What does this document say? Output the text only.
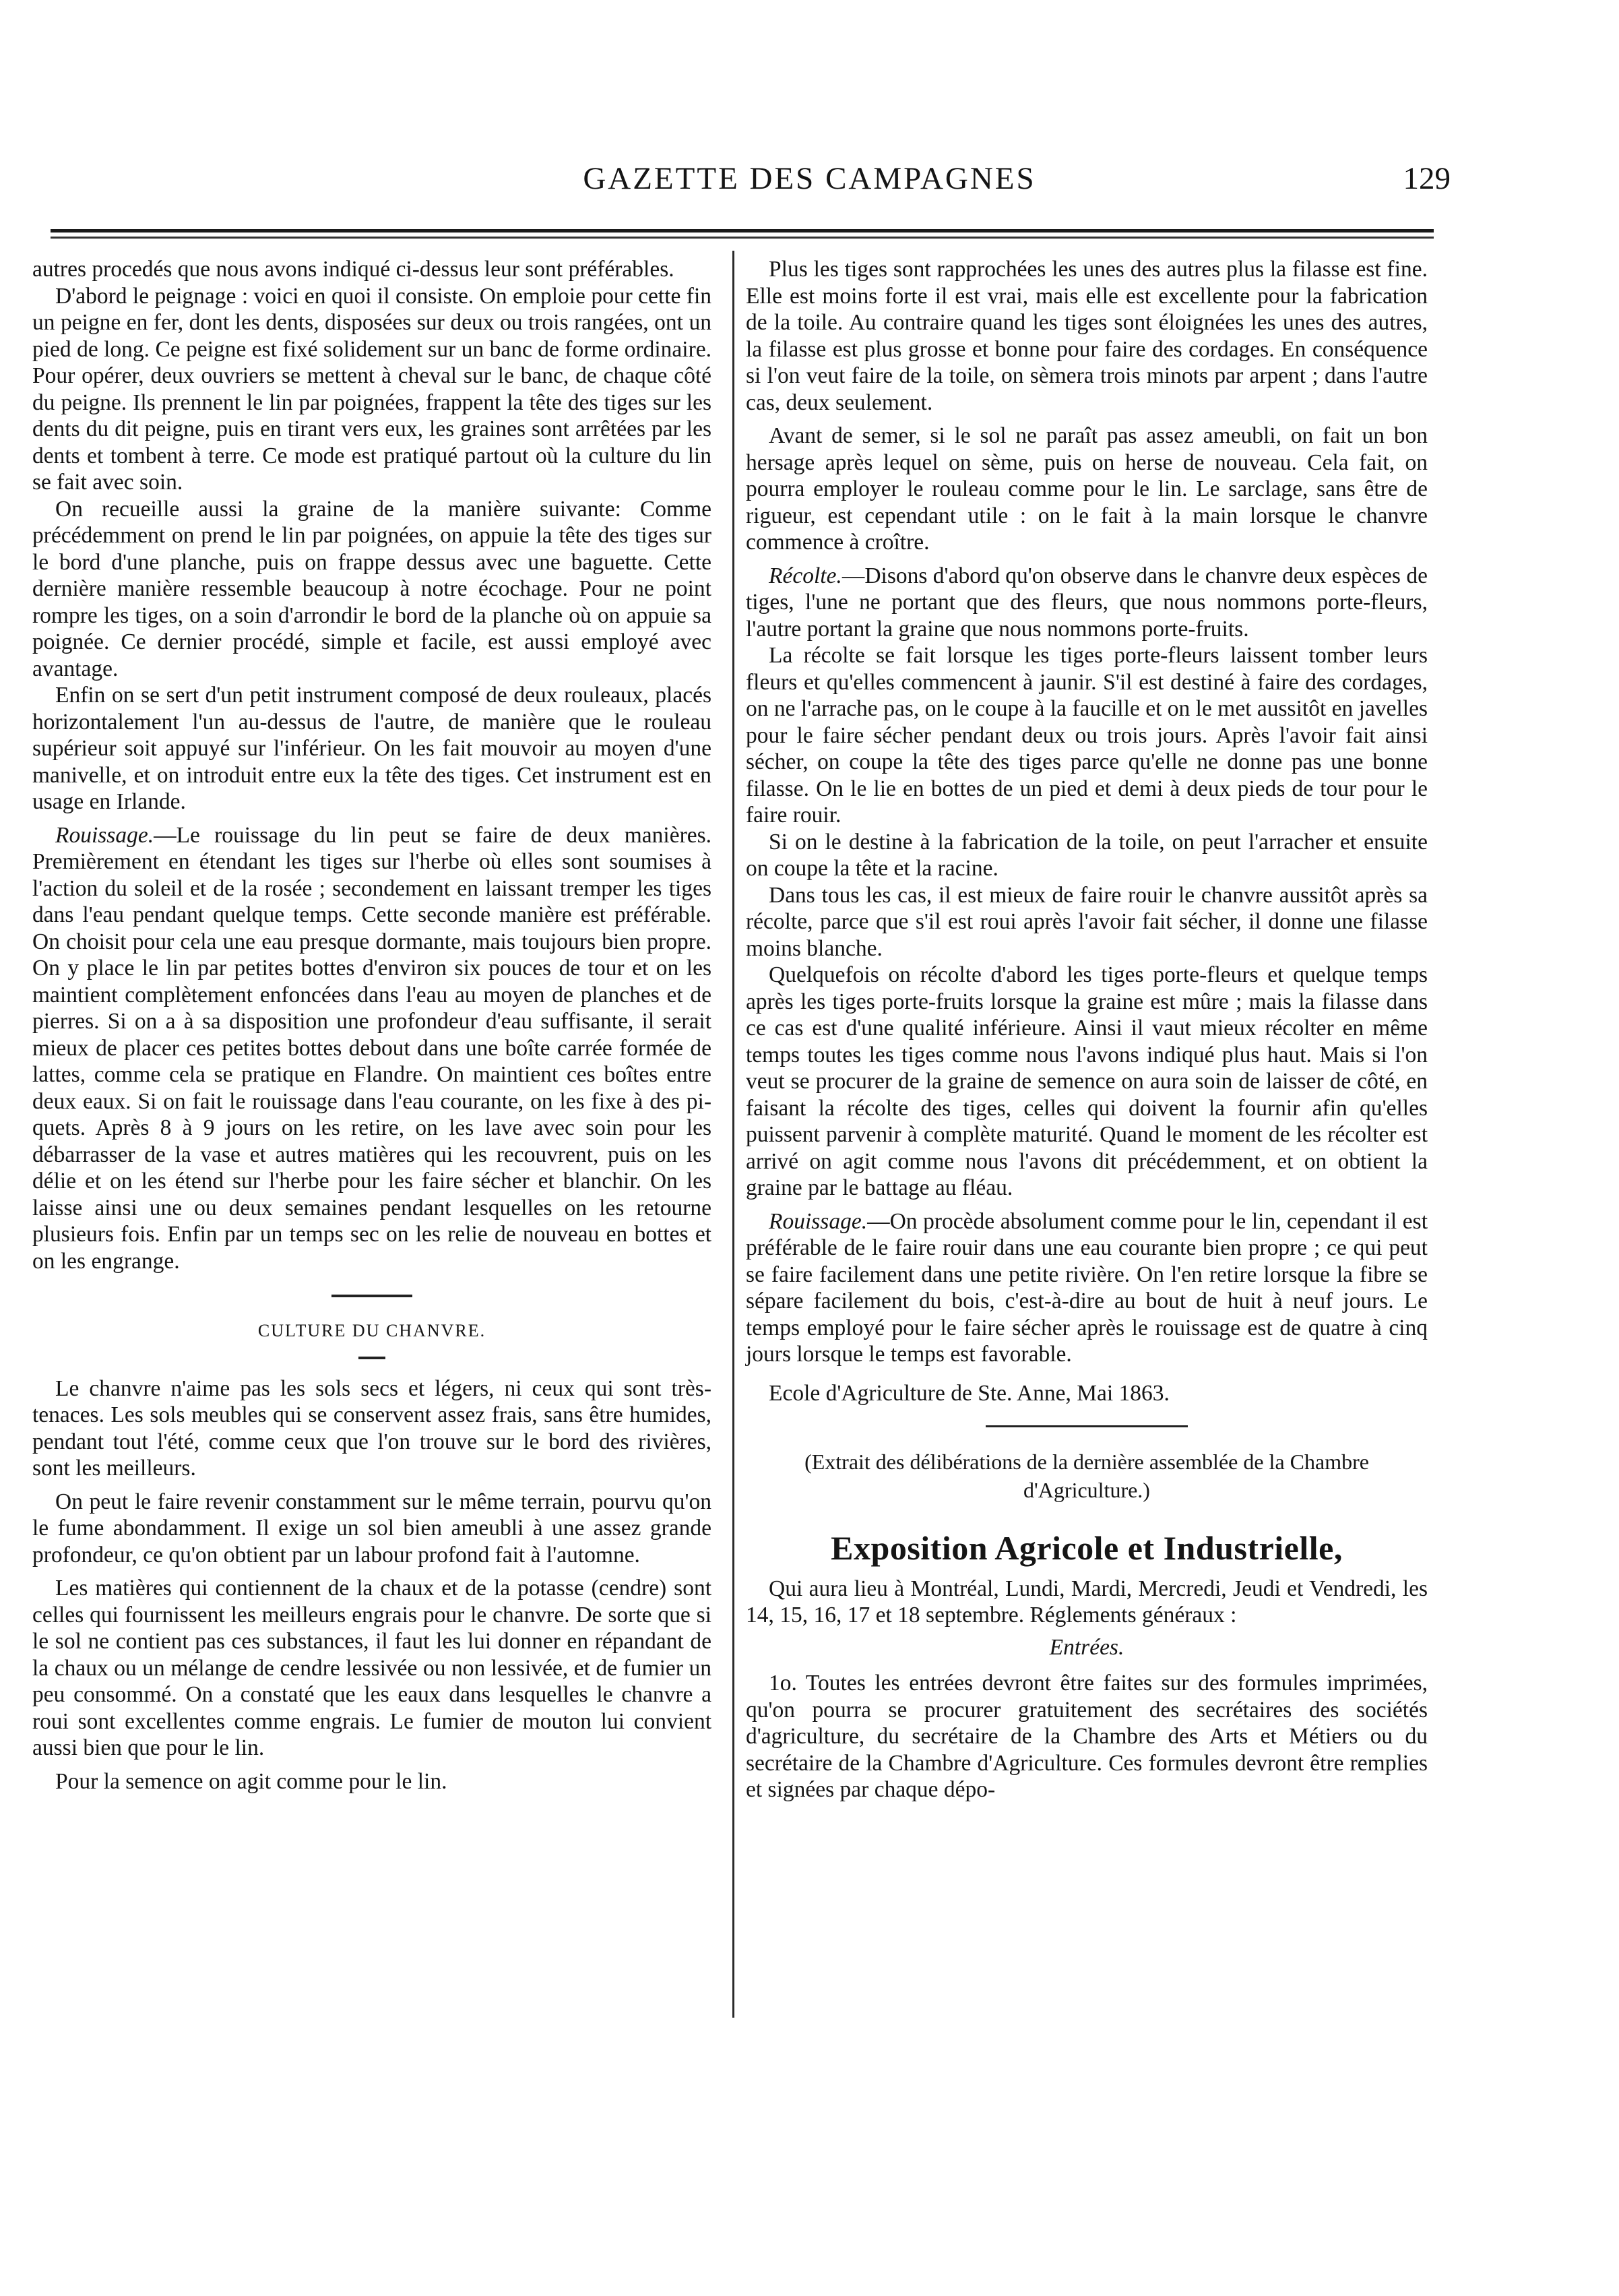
GAZETTE DES CAMPAGNES	129

autres procedés que nous avons indiqué ci-dessus leur sont préférables.

D'abord le peignage : voici en quoi il consiste. On emploie pour cette fin un peigne en fer, dont les dents, disposées sur deux ou trois rangées, ont un pied de long. Ce peigne est fixé solidement sur un banc de forme ordinaire. Pour opérer, deux ouvriers se mettent à cheval sur le banc, de chaque côté du peigne. Ils prennent le lin par poignées, frappent la tête des tiges sur les dents du dit peigne, puis en tirant vers eux, les graines sont arrêtées par les dents et tombent à terre. Ce mode est pratiqué partout où la culture du lin se fait avec soin.

On recueille aussi la graine de la manière suivante: Comme précédemment on prend le lin par poignées, on appuie la tête des tiges sur le bord d'une planche, puis on frappe dessus avec une baguette. Cette dernière manière ressemble beaucoup à notre écochage. Pour ne point rompre les tiges, on a soin d'arrondir le bord de la planche où on appuie sa poignée. Ce dernier procédé, simple et facile, est aussi employé avec avantage.

Enfin on se sert d'un petit instrument composé de deux rouleaux, placés horizontalement l'un au-dessus de l'autre, de manière que le rouleau supérieur soit appuyé sur l'inférieur. On les fait mouvoir au moyen d'une manivelle, et on introduit entre eux la tête des tiges. Cet instrument est en usage en Irlande.

Rouissage.—Le rouissage du lin peut se faire de deux manières. Premièrement en étendant les tiges sur l'herbe où elles sont soumises à l'action du soleil et de la rosée ; secondement en laissant tremper les tiges dans l'eau pendant quelque temps. Cette seconde manière est préférable. On choisit pour cela une eau presque dormante, mais toujours bien propre. On y place le lin par petites bottes d'environ six pouces de tour et on les maintient complètement enfoncées dans l'eau au moyen de planches et de pierres. Si on a à sa disposition une profondeur d'eau suffisante, il serait mieux de placer ces petites bottes debout dans une boîte carrée formée de lattes, comme cela se pratique en Flandre. On maintient ces boîtes entre deux eaux. Si on fait le rouissage dans l'eau courante, on les fixe à des piquets. Après 8 à 9 jours on les retire, on les lave avec soin pour les débarrasser de la vase et autres matières qui les recouvrent, puis on les délie et on les étend sur l'herbe pour les faire sécher et blanchir. On les laisse ainsi une ou deux semaines pendant lesquelles on les retourne plusieurs fois. Enfin par un temps sec on les relie de nouveau en bottes et on les engrange.

CULTURE DU CHANVRE.

Le chanvre n'aime pas les sols secs et légers, ni ceux qui sont très-tenaces. Les sols meubles qui se conservent assez frais, sans être humides, pendant tout l'été, comme ceux que l'on trouve sur le bord des rivières, sont les meilleurs.

On peut le faire revenir constamment sur le même terrain, pourvu qu'on le fume abondamment. Il exige un sol bien ameubli à une assez grande profondeur, ce qu'on obtient par un labour profond fait à l'automne.

Les matières qui contiennent de la chaux et de la potasse (cendre) sont celles qui fournissent les meilleurs engrais pour le chanvre. De sorte que si le sol ne contient pas ces substances, il faut les lui donner en répandant de la chaux ou un mélange de cendre lessivée ou non lessivée, et de fumier un peu consommé. On a constaté que les eaux dans lesquelles le chanvre a roui sont excellentes comme engrais. Le fumier de mouton lui convient aussi bien que pour le lin.

Pour la semence on agit comme pour le lin.

Plus les tiges sont rapprochées les unes des autres plus la filasse est fine. Elle est moins forte il est vrai, mais elle est excellente pour la fabrication de la toile. Au contraire quand les tiges sont éloignées les unes des autres, la filasse est plus grosse et bonne pour faire des cordages. En conséquence si l'on veut faire de la toile, on sèmera trois minots par arpent ; dans l'autre cas, deux seulement.

Avant de semer, si le sol ne paraît pas assez ameubli, on fait un bon hersage après lequel on sème, puis on herse de nouveau. Cela fait, on pourra employer le rouleau comme pour le lin. Le sarclage, sans être de rigueur, est cependant utile : on le fait à la main lorsque le chanvre commence à croître.

Récolte.—Disons d'abord qu'on observe dans le chanvre deux espèces de tiges, l'une ne portant que des fleurs, que nous nommons porte-fleurs, l'autre portant la graine que nous nommons porte-fruits.

La récolte se fait lorsque les tiges porte-fleurs laissent tomber leurs fleurs et qu'elles commencent à jaunir. S'il est destiné à faire des cordages, on ne l'arrache pas, on le coupe à la faucille et on le met aussitôt en javelles pour le faire sécher pendant deux ou trois jours. Après l'avoir fait ainsi sécher, on coupe la tête des tiges parce qu'elle ne donne pas une bonne filasse. On le lie en bottes de un pied et demi à deux pieds de tour pour le faire rouir.

Si on le destine à la fabrication de la toile, on peut l'arracher et ensuite on coupe la tête et la racine.

Dans tous les cas, il est mieux de faire rouir le chanvre aussitôt après sa récolte, parce que s'il est roui après l'avoir fait sécher, il donne une filasse moins blanche.

Quelquefois on récolte d'abord les tiges porte-fleurs et quelque temps après les tiges porte-fruits lorsque la graine est mûre ; mais la filasse dans ce cas est d'une qualité inférieure. Ainsi il vaut mieux récolter en même temps toutes les tiges comme nous l'avons indiqué plus haut. Mais si l'on veut se procurer de la graine de semence on aura soin de laisser de côté, en faisant la récolte des tiges, celles qui doivent la fournir afin qu'elles puissent parvenir à complète maturité. Quand le moment de les récolter est arrivé on agit comme nous l'avons dit précédemment, et on obtient la graine par le battage au fléau.

Rouissage.—On procède absolument comme pour le lin, cependant il est préférable de le faire rouir dans une eau courante bien propre ; ce qui peut se faire facilement dans une petite rivière. On l'en retire lorsque la fibre se sépare facilement du bois, c'est-à-dire au bout de huit à neuf jours. Le temps employé pour le faire sécher après le rouissage est de quatre à cinq jours lorsque le temps est favorable.

Ecole d'Agriculture de Ste. Anne, Mai 1863.

(Extrait des délibérations de la dernière assemblée de la Chambre d'Agriculture.)

Exposition Agricole et Industrielle,

Qui aura lieu à Montréal, Lundi, Mardi, Mercredi, Jeudi et Vendredi, les 14, 15, 16, 17 et 18 septembre. Réglements généraux :

Entrées.

1o. Toutes les entrées devront être faites sur des formules imprimées, qu'on pourra se procurer gratuitement des secrétaires des sociétés d'agriculture, du secrétaire de la Chambre des Arts et Métiers ou du secrétaire de la Chambre d'Agriculture. Ces formules devront être remplies et signées par chaque dépo-
